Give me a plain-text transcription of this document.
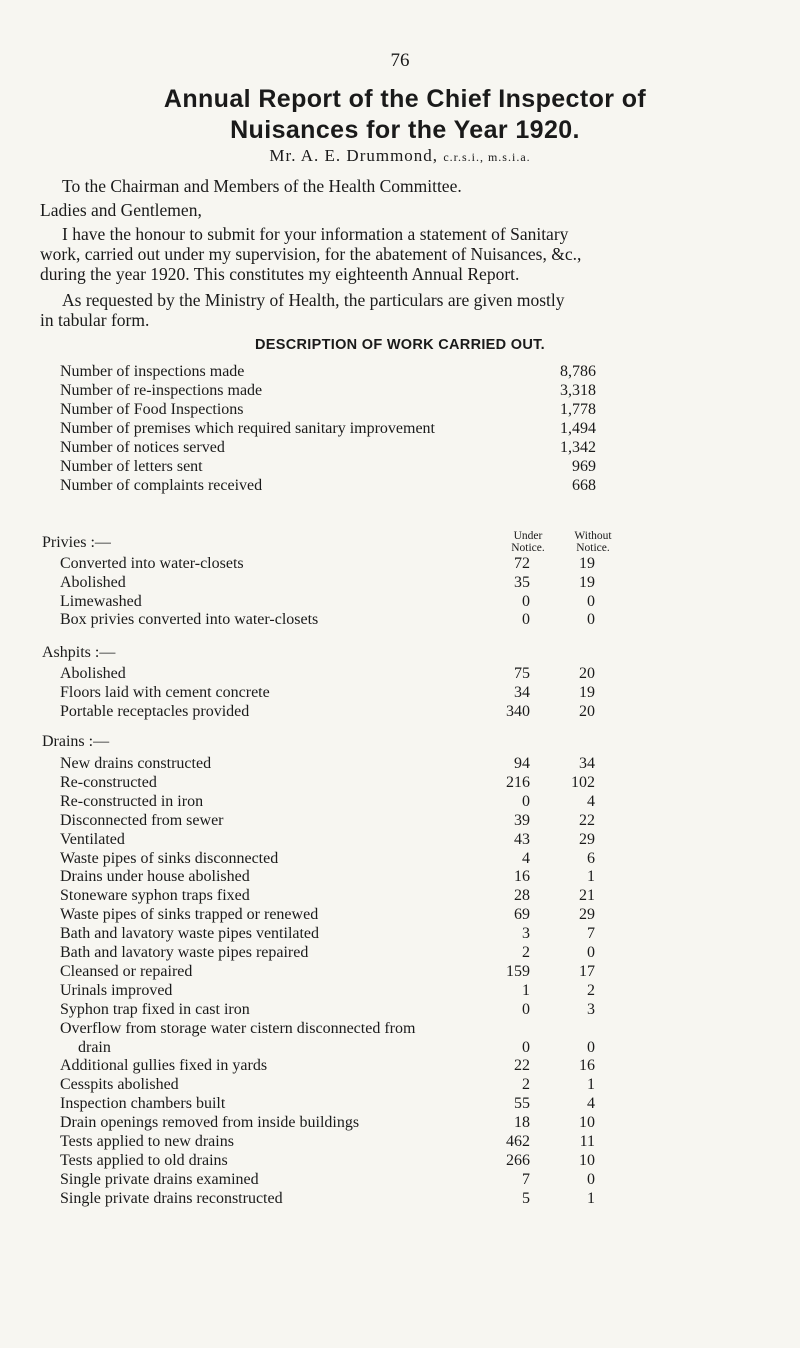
76
Annual Report of the Chief Inspector of
Nuisances for the Year 1920.
Mr. A. E. Drummond, c.r.s.i., m.s.i.a.
To the Chairman and Members of the Health Committee.
Ladies and Gentlemen,
I have the honour to submit for your information a statement of Sanitary
work, carried out under my supervision, for the abatement of Nuisances, &c.,
during the year 1920. This constitutes my eighteenth Annual Report.
As requested by the Ministry of Health, the particulars are given mostly
in tabular form.
DESCRIPTION OF WORK CARRIED OUT.
Number of inspections made	8,786
Number of re-inspections made	3,318
Number of Food Inspections	1,778
Number of premises which required sanitary improvement	1,494
Number of notices served	1,342
Number of letters sent	969
Number of complaints received	668
Under
Notice.
Without
Notice.
Privies :—
Converted into water-closets	72	19
Abolished	35	19
Limewashed	0	0
Box privies converted into water-closets	0	0
Ashpits :—
Abolished	75	20
Floors laid with cement concrete	34	19
Portable receptacles provided	340	20
Drains :—
New drains constructed	94	34
Re-constructed	216	102
Re-constructed in iron	0	4
Disconnected from sewer	39	22
Ventilated	43	29
Waste pipes of sinks disconnected	4	6
Drains under house abolished	16	1
Stoneware syphon traps fixed	28	21
Waste pipes of sinks trapped or renewed	69	29
Bath and lavatory waste pipes ventilated	3	7
Bath and lavatory waste pipes repaired	2	0
Cleansed or repaired	159	17
Urinals improved	1	2
Syphon trap fixed in cast iron	0	3
Overflow from storage water cistern disconnected from
drain	0	0
Additional gullies fixed in yards	22	16
Cesspits abolished	2	1
Inspection chambers built	55	4
Drain openings removed from inside buildings	18	10
Tests applied to new drains	462	11
Tests applied to old drains	266	10
Single private drains examined	7	0
Single private drains reconstructed	5	1
